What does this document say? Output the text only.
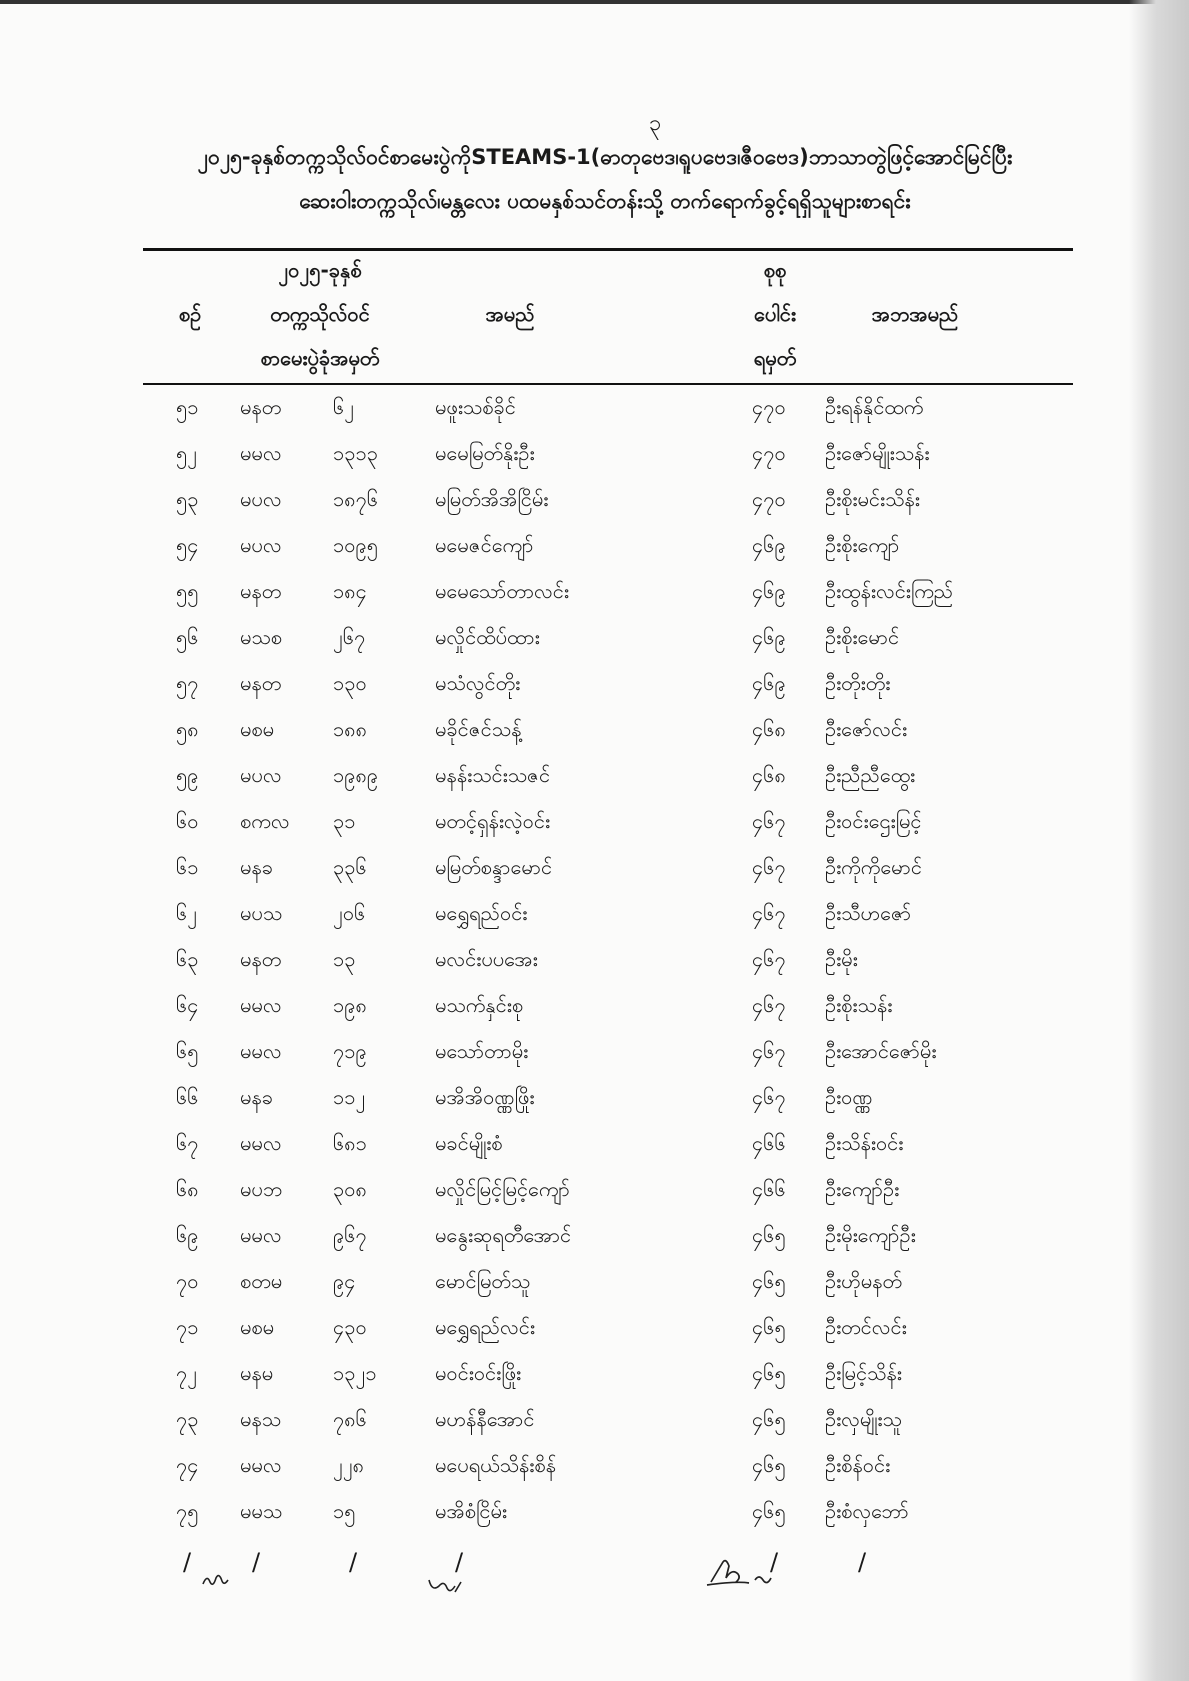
၃
၂၀၂၅-ခုနှစ်တက္ကသိုလ်ဝင်စာမေးပွဲကိုSTEAMS-1(ဓာတုဗေဒ၊ရူပဗေဒ၊ဇီဝဗေဒ)ဘာသာတွဲဖြင့်အောင်မြင်ပြီး
ဆေးဝါးတက္ကသိုလ်၊မန္တလေး ပထမနှစ်သင်တန်းသို့ တက်ရောက်ခွင့်ရရှိသူများစာရင်း
စဉ်
၂၀၂၅-ခုနှစ်
တက္ကသိုလ်ဝင်
စာမေးပွဲခုံအမှတ်
အမည်
စုစု
ပေါင်း
ရမှတ်
အဘအမည်
၅၁ မနတ	၆၂	မဖူးသစ်ခိုင်	၄၇၀ ဦးရန်နိုင်ထက်
၅၂ မမလ	၁၃၁၃	မမေမြတ်နိုးဦး	၄၇၀ ဦးဇော်မျိုးသန်း
၅၃ မပလ	၁၈၇၆	မမြတ်အိအိငြိမ်း	၄၇၀ ဦးစိုးမင်းသိန်း
၅၄ မပလ	၁၀၉၅	မမေဇင်ကျော်	၄၆၉ ဦးစိုးကျော်
၅၅ မနတ	၁၈၄	မမေသော်တာလင်း	၄၆၉ ဦးထွန်းလင်းကြည်
၅၆ မသစ	၂၆၇	မလှိုင်ထိပ်ထား	၄၆၉ ဦးစိုးမောင်
၅၇ မနတ	၁၃၀	မသံလွင်တိုး	၄၆၉ ဦးတိုးတိုး
၅၈ မစမ	၁၈၈	မခိုင်ဇင်သန့်	၄၆၈ ဦးဇော်လင်း
၅၉ မပလ	၁၉၈၉	မနန်းသင်းသဇင်	၄၆၈ ဦးညီညီထွေး
၆၀ စကလ ၃၁	မတင့်ရှန်းလဲ့ဝင်း	၄၆၇ ဦးဝင်းဌေးမြင့်
၆၁ မနခ	၃၃၆	မမြတ်စန္ဒာမောင်	၄၆၇ ဦးကိုကိုမောင်
၆၂ မပသ	၂၀၆	မရွှေရည်ဝင်း	၄၆၇ ဦးသီဟဇော်
၆၃ မနတ	၁၃	မလင်းပပအေး	၄၆၇ ဦးမိုး
၆၄ မမလ	၁၉၈	မသက်နှင်းစု	၄၆၇ ဦးစိုးသန်း
၆၅ မမလ	၇၁၉	မသော်တာမိုး	၄၆၇ ဦးအောင်ဇော်မိုး
၆၆ မနခ	၁၁၂	မအိအိဝဏ္ဏဖြိုး	၄၆၇ ဦးဝဏ္ဏ
၆၇ မမလ	၆၈၁	မခင်မျိုးစံ	၄၆၆ ဦးသိန်းဝင်း
၆၈ မပဘ	၃၀၈	မလှိုင်မြင့်မြင့်ကျော်	၄၆၆ ဦးကျော်ဦး
၆၉ မမလ	၉၆၇	မနွေးဆုရတီအောင်	၄၆၅ ဦးမိုးကျော်ဦး
၇၀ စတမ	၉၄	မောင်မြတ်သူ	၄၆၅ ဦးဟိုမနတ်
၇၁ မစမ	၄၃၀	မရွှေရည်လင်း	၄၆၅ ဦးတင်လင်း
၇၂ မနမ	၁၃၂၁	မဝင်းဝင်းဖြိုး	၄၆၅ ဦးမြင့်သိန်း
၇၃ မနသ	၇၈၆	မဟန်နီအောင်	၄၆၅ ဦးလှမျိုးသူ
၇၄ မမလ	၂၂၈	မပေရယ်သိန်းစိန်	၄၆၅ ဦးစိန်ဝင်း
၇၅ မမသ	၁၅	မအိစံငြိမ်း	၄၆၅ ဦးစံလှဘော်
/	/	/	/	/	/
